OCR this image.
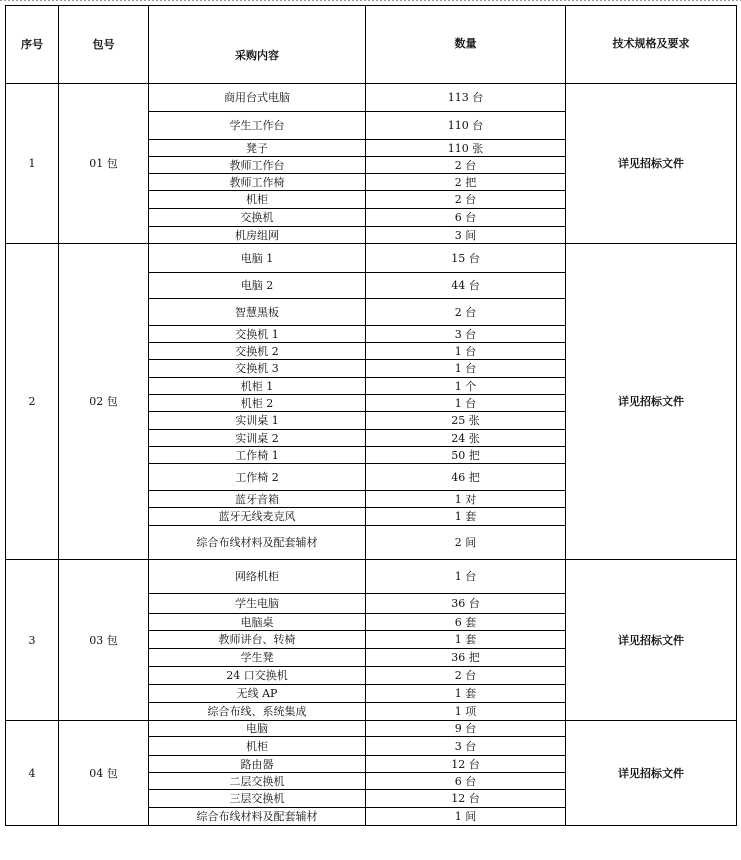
序号	包号	采购内容	数量	技术规格及要求
1	01 包	商用台式电脑	113 台	详见招标文件
		学生工作台	110 台	
		凳子	110 张	
		教师工作台	2 台	
		教师工作椅	2 把	
		机柜	2 台	
		交换机	6 台	
		机房组网	3 间	
2	02 包	电脑 1	15 台	详见招标文件
		电脑 2	44 台	
		智慧黑板	2 台	
		交换机 1	3 台	
		交换机 2	1 台	
		交换机 3	1 台	
		机柜 1	1 个	
		机柜 2	1 台	
		实训桌 1	25 张	
		实训桌 2	24 张	
		工作椅 1	50 把	
		工作椅 2	46 把	
		蓝牙音箱	1 对	
		蓝牙无线麦克风	1 套	
		综合布线材料及配套辅材	2 间	
3	03 包	网络机柜	1 台	详见招标文件
		学生电脑	36 台	
		电脑桌	6 套	
		教师讲台、转椅	1 套	
		学生凳	36 把	
		24 口交换机	2 台	
		无线 AP	1 套	
		综合布线、系统集成	1 项	
4	04 包	电脑	9 台	详见招标文件
		机柜	3 台	
		路由器	12 台	
		二层交换机	6 台	
		三层交换机	12 台	
		综合布线材料及配套辅材	1 间	
